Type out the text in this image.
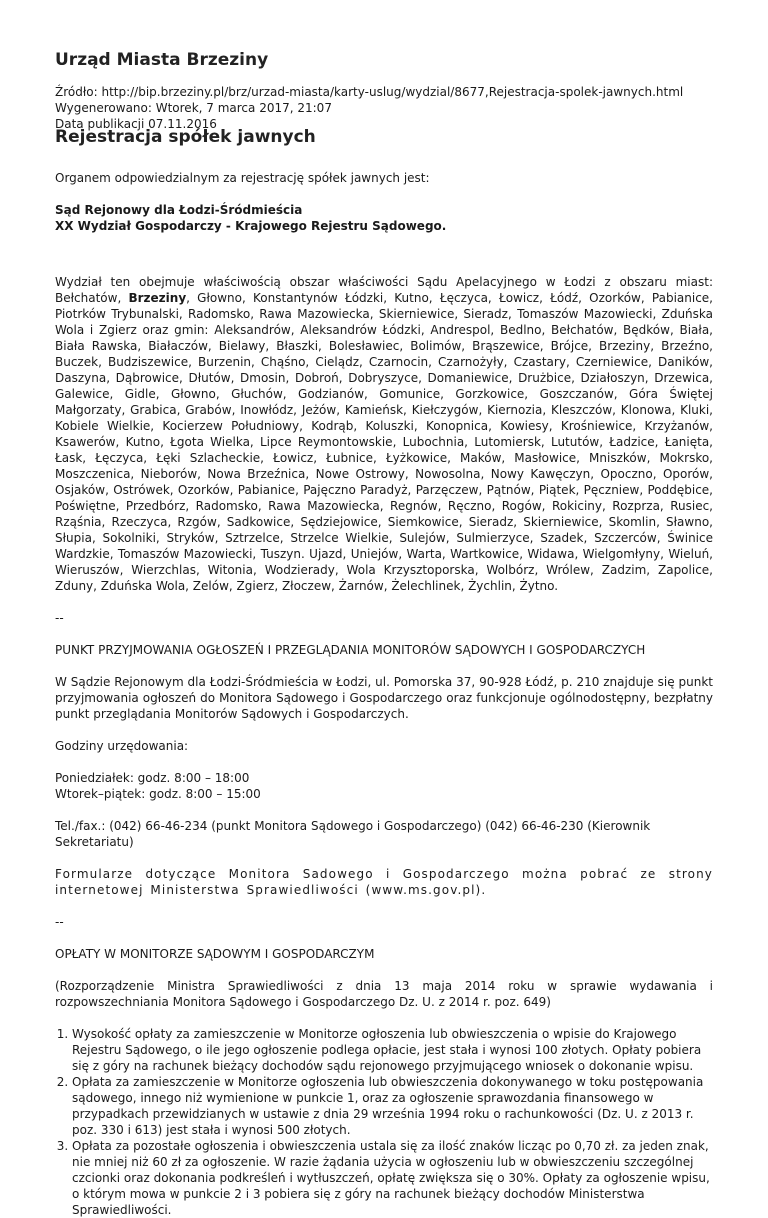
Urząd Miasta Brzeziny
Źródło: http://bip.brzeziny.pl/brz/urzad-miasta/karty-uslug/wydzial/8677,Rejestracja-spolek-jawnych.html
Wygenerowano: Wtorek, 7 marca 2017, 21:07
Data publikacji 07.11.2016
Rejestracja spółek jawnych

Organem odpowiedzialnym za rejestrację spółek jawnych jest:

Sąd Rejonowy dla Łodzi-Śródmieścia
XX Wydział Gospodarczy - Krajowego Rejestru Sądowego.

Wydział ten obejmuje właściwością obszar właściwości Sądu Apelacyjnego w Łodzi z obszaru miast: Bełchatów, Brzeziny, Głowno, Konstantynów Łódzki, Kutno, Łęczyca, Łowicz, Łódź, Ozorków, Pabianice, Piotrków Trybunalski, Radomsko, Rawa Mazowiecka, Skierniewice, Sieradz, Tomaszów Mazowiecki, Zduńska Wola i Zgierz oraz gmin: Aleksandrów, Aleksandrów Łódzki, Andrespol, Bedlno, Bełchatów, Będków, Biała, Biała Rawska, Białaczów, Bielawy, Błaszki, Bolesławiec, Bolimów, Brąszewice, Brójce, Brzeziny, Brzeźno, Buczek, Budziszewice, Burzenin, Chąśno, Cielądz, Czarnocin, Czarnożyły, Czastary, Czerniewice, Daników, Daszyna, Dąbrowice, Dłutów, Dmosin, Dobroń, Dobryszyce, Domaniewice, Drużbice, Działoszyn, Drzewica, Galewice, Gidle, Głowno, Głuchów, Godzianów, Gomunice, Gorzkowice, Goszczanów, Góra Świętej Małgorzaty, Grabica, Grabów, Inowłódz, Jeżów, Kamieńsk, Kiełczygów, Kiernozia, Kleszczów, Klonowa, Kluki, Kobiele Wielkie, Kocierzew Południowy, Kodrąb, Koluszki, Konopnica, Kowiesy, Krośniewice, Krzyżanów, Ksawerów, Kutno, Łgota Wielka, Lipce Reymontowskie, Lubochnia, Lutomiersk, Lututów, Ładzice, Łanięta, Łask, Łęczyca, Łęki Szlacheckie, Łowicz, Łubnice, Łyżkowice, Maków, Masłowice, Mniszków, Mokrsko, Moszczenica, Nieborów, Nowa Brzeźnica, Nowe Ostrowy, Nowosolna, Nowy Kawęczyn, Opoczno, Oporów, Osjaków, Ostrówek, Ozorków, Pabianice, Pajęczno Paradyż, Parzęczew, Pątnów, Piątek, Pęczniew, Poddębice, Poświętne, Przedbórz, Radomsko, Rawa Mazowiecka, Regnów, Ręczno, Rogów, Rokiciny, Rozprza, Rusiec, Rząśnia, Rzeczyca, Rzgów, Sadkowice, Sędziejowice, Siemkowice, Sieradz, Skierniewice, Skomlin, Sławno, Słupia, Sokolniki, Stryków, Sztrzelce, Strzelce Wielkie, Sulejów, Sulmierzyce, Szadek, Szczerców, Świnice Wardzkie, Tomaszów Mazowiecki, Tuszyn. Ujazd, Uniejów, Warta, Wartkowice, Widawa, Wielgomłyny, Wieluń, Wieruszów, Wierzchlas, Witonia, Wodzierady, Wola Krzysztoporska, Wolbórz, Wrólew, Zadzim, Zapolice, Zduny, Zduńska Wola, Zelów, Zgierz, Złoczew, Żarnów, Żelechlinek, Żychlin, Żytno.

--

PUNKT PRZYJMOWANIA OGŁOSZEŃ I PRZEGLĄDANIA MONITORÓW SĄDOWYCH I GOSPODARCZYCH

W Sądzie Rejonowym dla Łodzi-Śródmieścia w Łodzi, ul. Pomorska 37, 90-928 Łódź, p. 210 znajduje się punkt przyjmowania ogłoszeń do Monitora Sądowego i Gospodarczego oraz funkcjonuje ogólnodostępny, bezpłatny punkt przeglądania Monitorów Sądowych i Gospodarczych.

Godziny urzędowania:

Poniedziałek: godz. 8:00 – 18:00
Wtorek–piątek: godz. 8:00 – 15:00

Tel./fax.: (042) 66-46-234 (punkt Monitora Sądowego i Gospodarczego) (042) 66-46-230 (Kierownik Sekretariatu)

Formularze dotyczące Monitora Sadowego i Gospodarczego można pobrać ze strony internetowej Ministerstwa Sprawiedliwości (www.ms.gov.pl).

--

OPŁATY W MONITORZE SĄDOWYM I GOSPODARCZYM

(Rozporządzenie Ministra Sprawiedliwości z dnia 13 maja 2014 roku w sprawie wydawania i rozpowszechniania Monitora Sądowego i Gospodarczego Dz. U. z 2014 r. poz. 649)

1. Wysokość opłaty za zamieszczenie w Monitorze ogłoszenia lub obwieszczenia o wpisie do Krajowego Rejestru Sądowego, o ile jego ogłoszenie podlega opłacie, jest stała i wynosi 100 złotych. Opłaty pobiera się z góry na rachunek bieżący dochodów sądu rejonowego przyjmującego wniosek o dokonanie wpisu.
2. Opłata za zamieszczenie w Monitorze ogłoszenia lub obwieszczenia dokonywanego w toku postępowania sądowego, innego niż wymienione w punkcie 1, oraz za ogłoszenie sprawozdania finansowego w przypadkach przewidzianych w ustawie z dnia 29 września 1994 roku o rachunkowości (Dz. U. z 2013 r. poz. 330 i 613) jest stała i wynosi 500 złotych.
3. Opłata za pozostałe ogłoszenia i obwieszczenia ustala się za ilość znaków licząc po 0,70 zł. za jeden znak, nie mniej niż 60 zł za ogłoszenie. W razie żądania użycia w ogłoszeniu lub w obwieszczeniu szczególnej czcionki oraz dokonania podkreśleń i wytłuszczeń, opłatę zwiększa się o 30%. Opłaty za ogłoszenie wpisu, o którym mowa w punkcie 2 i 3 pobiera się z góry na rachunek bieżący dochodów Ministerstwa Sprawiedliwości.
